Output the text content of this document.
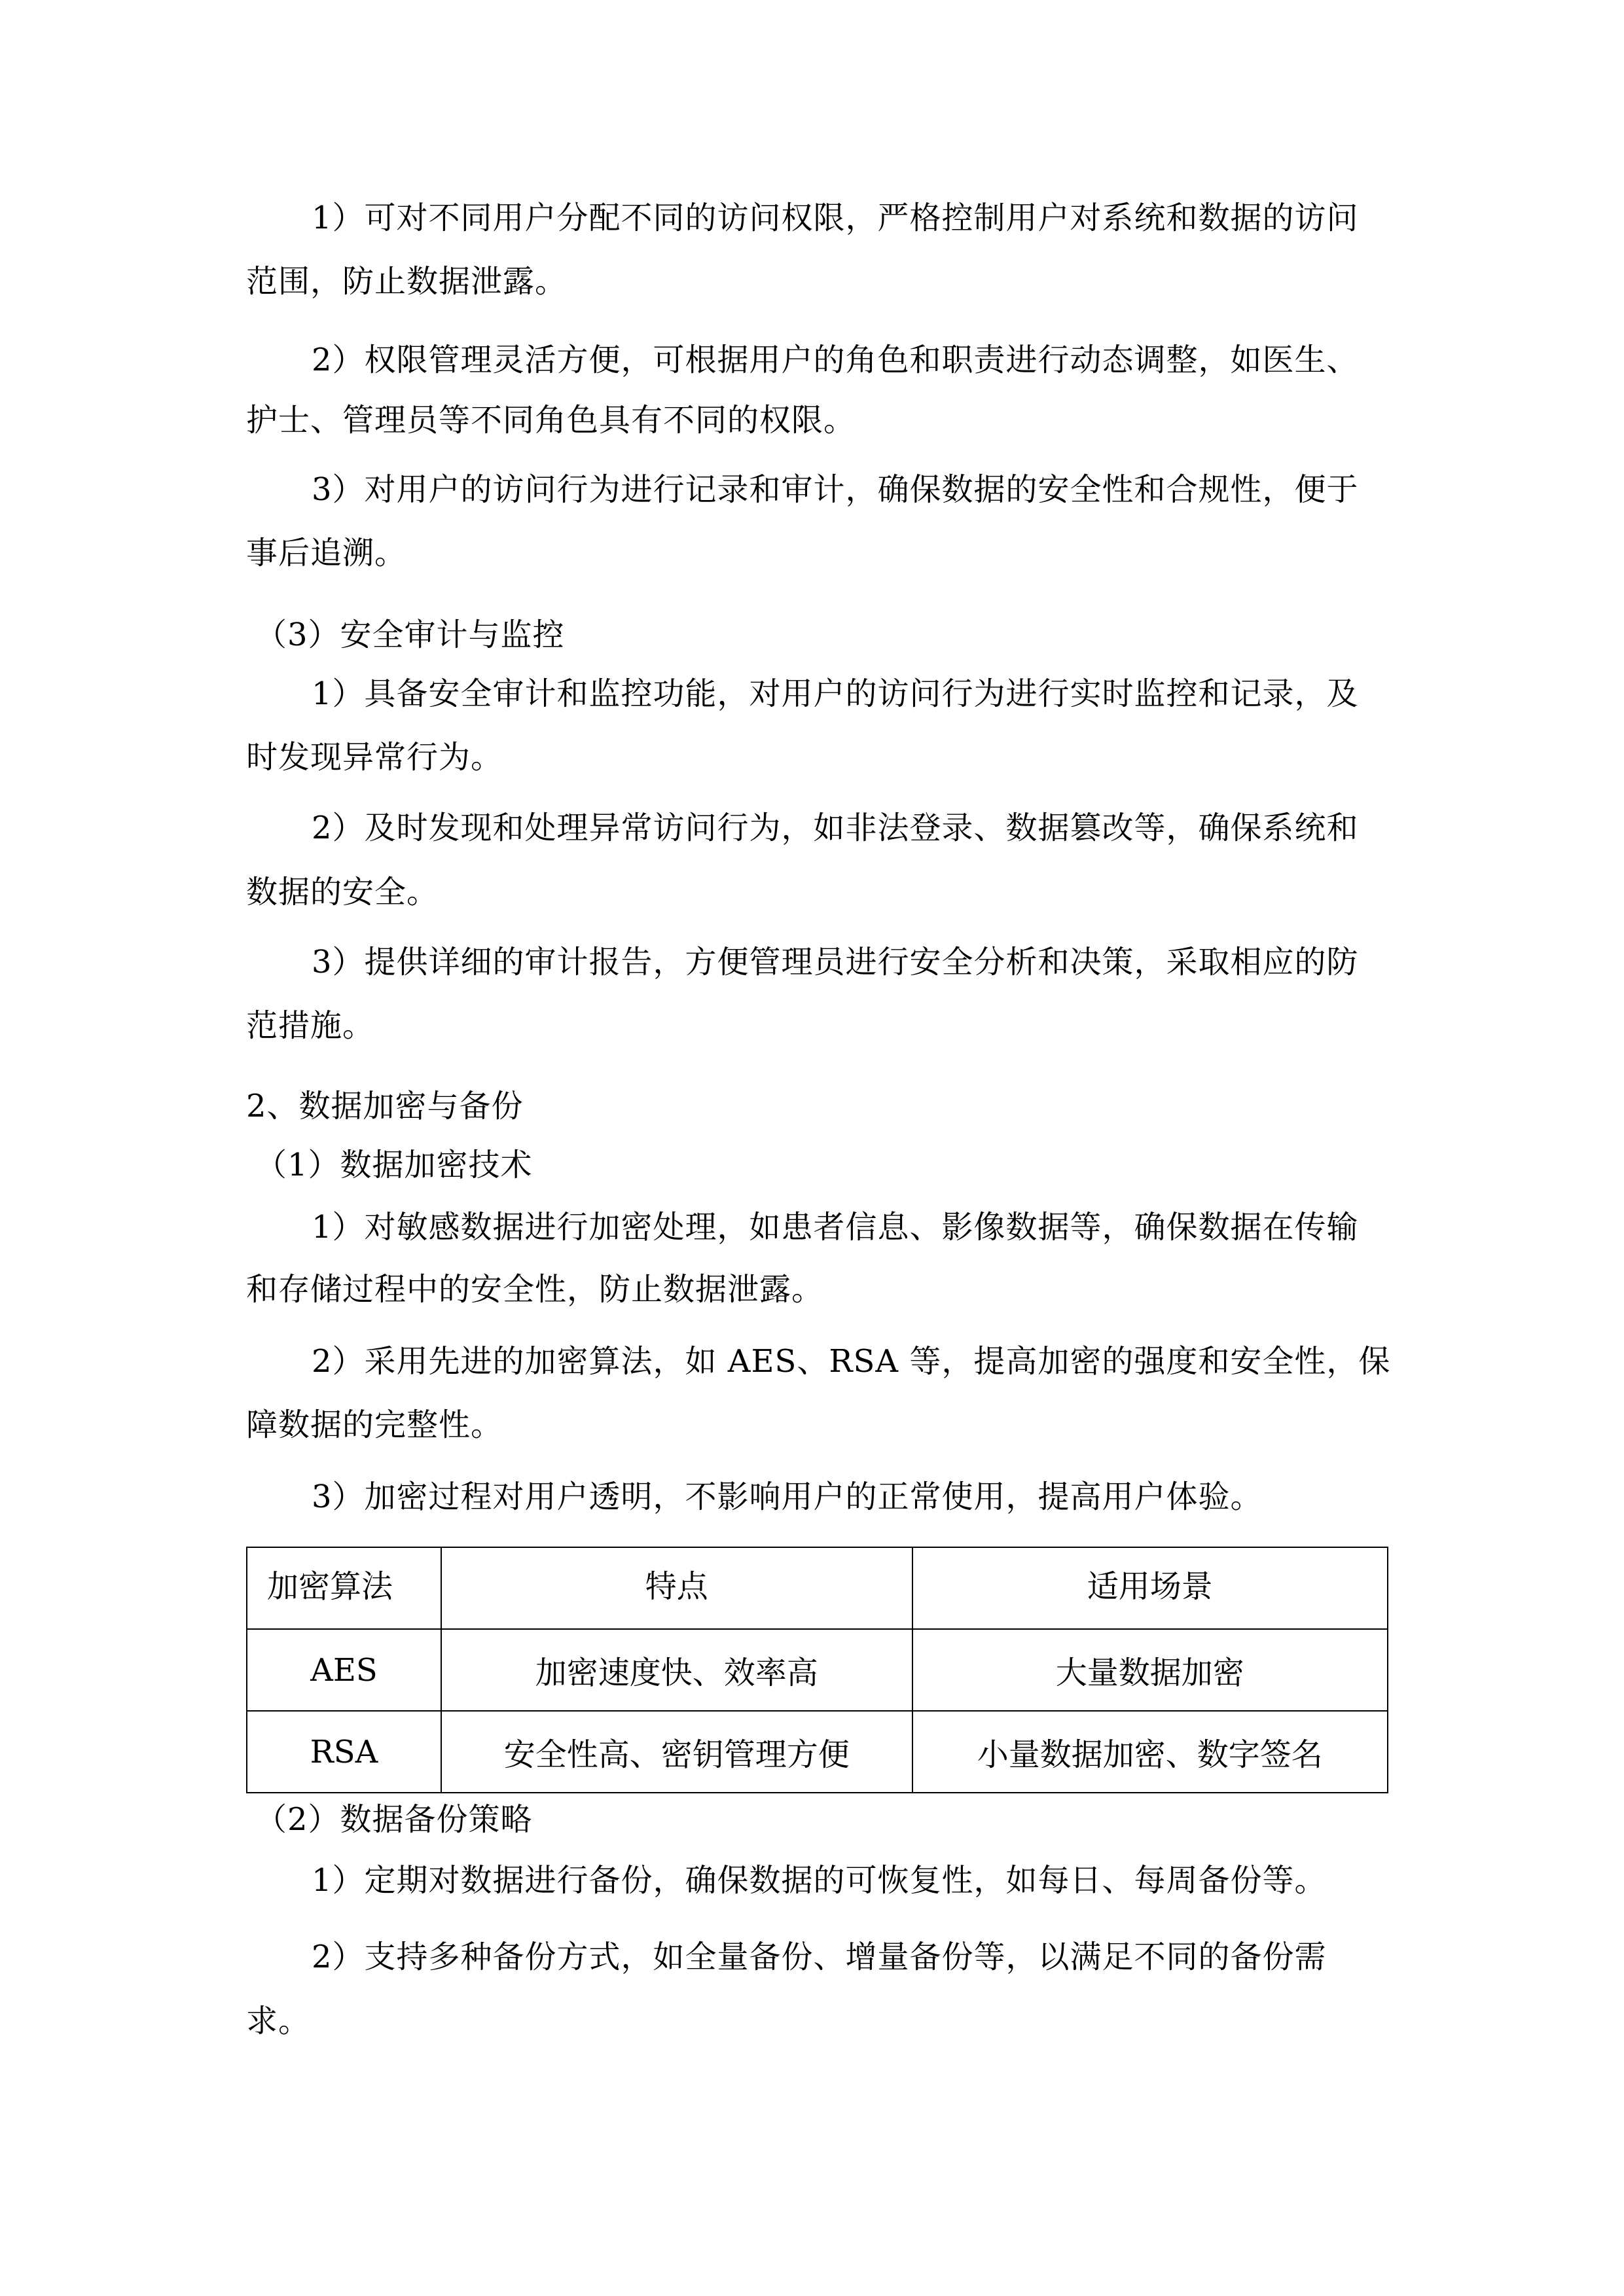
1）可对不同用户分配不同的访问权限，严格控制用户对系统和数据的访问
范围，防止数据泄露。
2）权限管理灵活方便，可根据用户的角色和职责进行动态调整，如医生、
护士、管理员等不同角色具有不同的权限。
3）对用户的访问行为进行记录和审计，确保数据的安全性和合规性，便于
事后追溯。
（3）安全审计与监控
1）具备安全审计和监控功能，对用户的访问行为进行实时监控和记录，及
时发现异常行为。
2）及时发现和处理异常访问行为，如非法登录、数据篡改等，确保系统和
数据的安全。
3）提供详细的审计报告，方便管理员进行安全分析和决策，采取相应的防
范措施。
2、数据加密与备份
（1）数据加密技术
1）对敏感数据进行加密处理，如患者信息、影像数据等，确保数据在传输
和存储过程中的安全性，防止数据泄露。
2）采用先进的加密算法，如 AES、RSA 等，提高加密的强度和安全性，保
障数据的完整性。
3）加密过程对用户透明，不影响用户的正常使用，提高用户体验。
加密算法	特点	适用场景
AES	加密速度快、效率高	大量数据加密
RSA	安全性高、密钥管理方便	小量数据加密、数字签名
（2）数据备份策略
1）定期对数据进行备份，确保数据的可恢复性，如每日、每周备份等。
2）支持多种备份方式，如全量备份、增量备份等，以满足不同的备份需
求。
